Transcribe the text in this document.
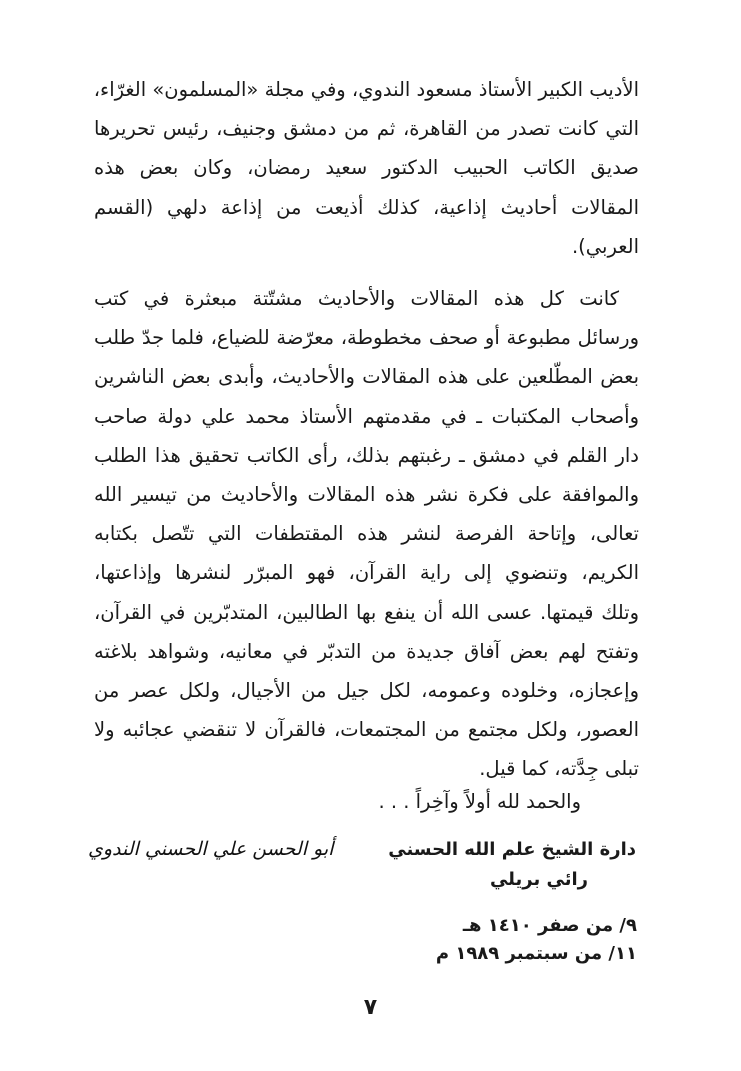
الأديب الكبير الأستاذ مسعود الندوي، وفي مجلة «المسلمون» الغرّاء،
التي كانت تصدر من القاهرة، ثم من دمشق وجنيف، رئيس تحريرها
صديق الكاتب الحبيب الدكتور سعيد رمضان، وكان بعض هذه
المقالات أحاديث إذاعية، كذلك أذيعت من إذاعة دلهي (القسم
العربي).

كانت كل هذه المقالات والأحاديث مشتّتة مبعثرة في كتب
ورسائل مطبوعة أو صحف مخطوطة، معرّضة للضياع، فلما جدّ طلب
بعض المطّلعين على هذه المقالات والأحاديث، وأبدى بعض الناشرين
وأصحاب المكتبات ـ في مقدمتهم الأستاذ محمد علي دولة صاحب
دار القلم في دمشق ـ رغبتهم بذلك، رأى الكاتب تحقيق هذا الطلب
والموافقة على فكرة نشر هذه المقالات والأحاديث من تيسير الله
تعالى، وإتاحة الفرصة لنشر هذه المقتطفات التي تتّصل بكتابه
الكريم، وتنضوي إلى راية القرآن، فهو المبرّر لنشرها وإذاعتها،
وتلك قيمتها. عسى الله أن ينفع بها الطالبين، المتدبّرين في القرآن،
وتفتح لهم بعض آفاق جديدة من التدبّر في معانيه، وشواهد بلاغته
وإعجازه، وخلوده وعمومه، لكل جيل من الأجيال، ولكل عصر من
العصور، ولكل مجتمع من المجتمعات، فالقرآن لا تنقضي عجائبه ولا
تبلى جِدَّته، كما قيل.

والحمد لله أولاً وآخِراً . . .
أبو الحسن علي الحسني الندوي	دارة الشيخ علم الله الحسني
رائي بريلي
٩/ من صفر ١٤١٠ هـ
١١/ من سبتمبر ١٩٨٩ م
٧
